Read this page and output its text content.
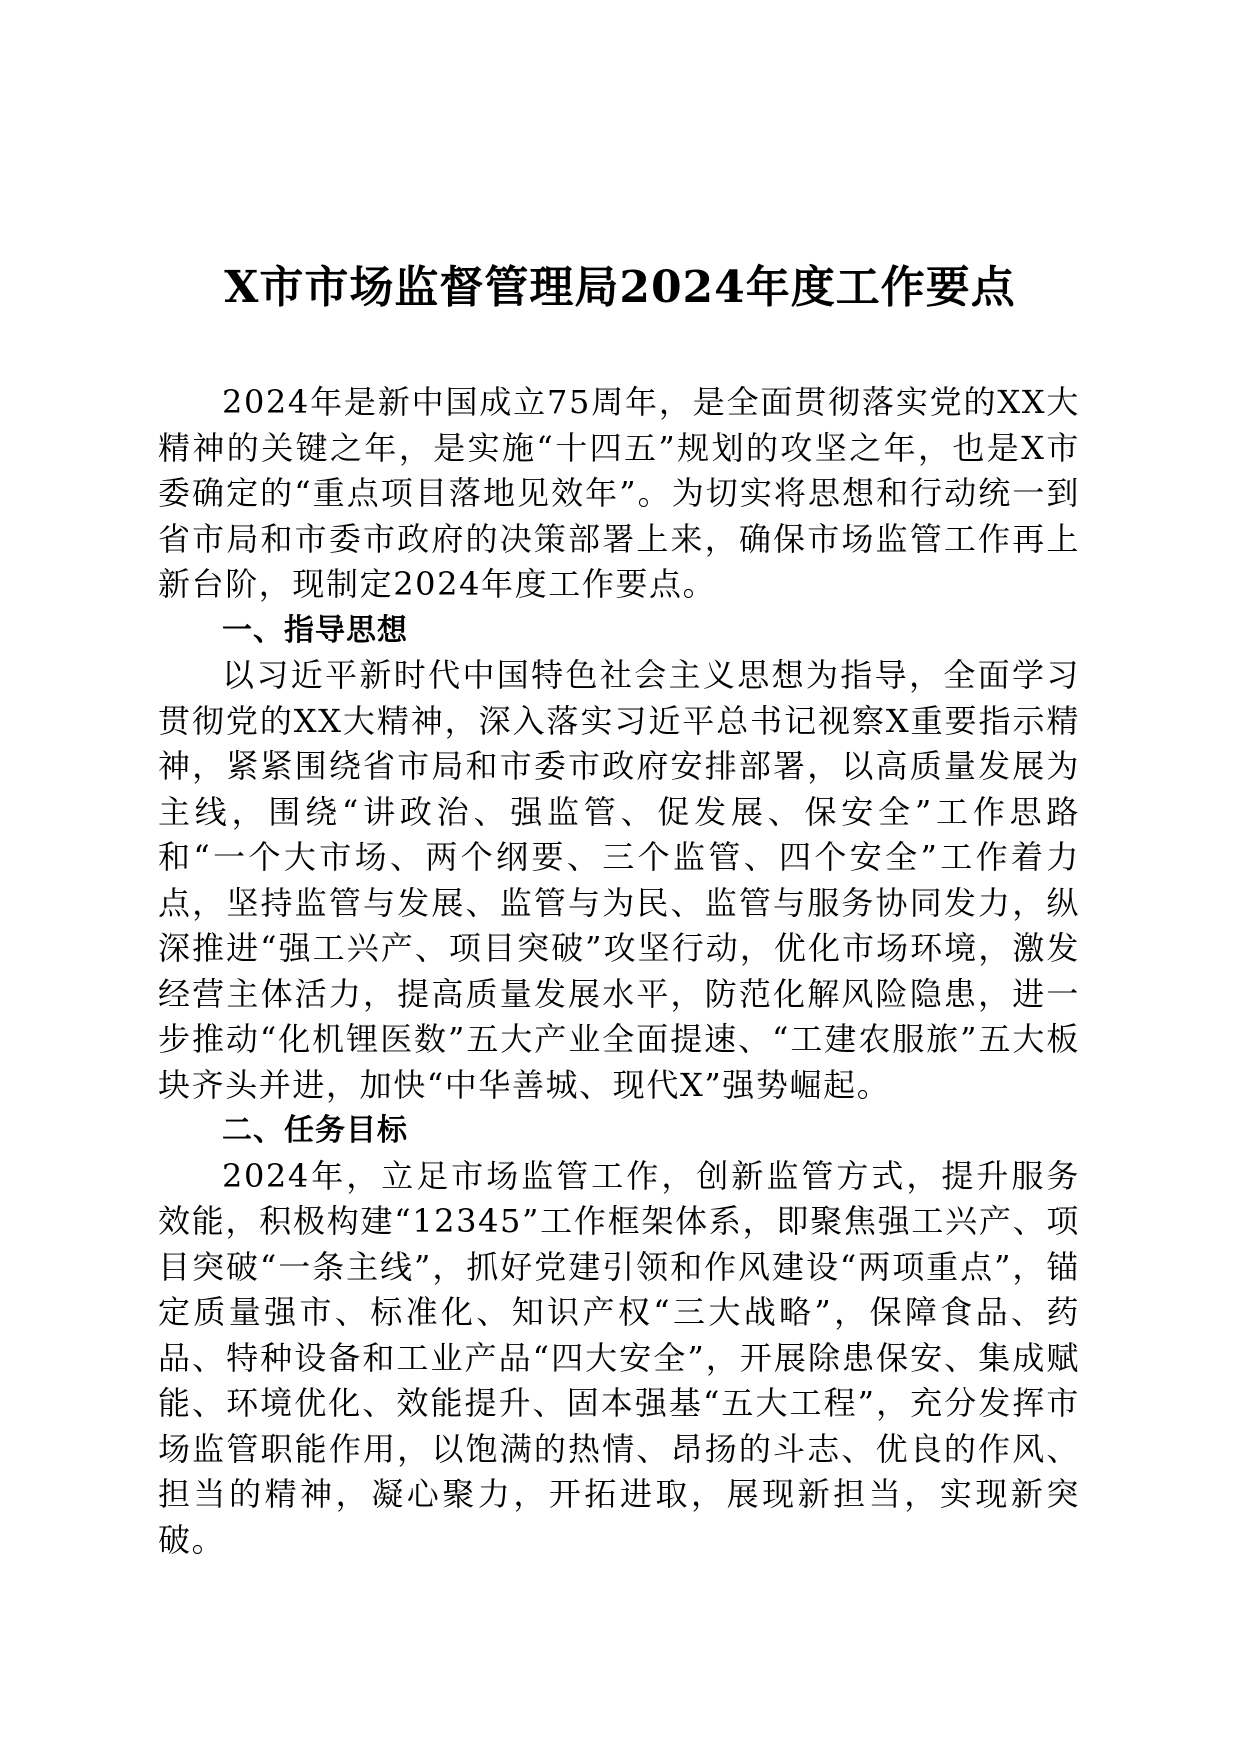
X市市场监督管理局2024年度工作要点

2024年是新中国成立75周年，是全面贯彻落实党的XX大精神的关键之年，是实施“十四五”规划的攻坚之年，也是X市委确定的“重点项目落地见效年”。为切实将思想和行动统一到省市局和市委市政府的决策部署上来，确保市场监管工作再上新台阶，现制定2024年度工作要点。

一、指导思想

以习近平新时代中国特色社会主义思想为指导，全面学习贯彻党的XX大精神，深入落实习近平总书记视察X重要指示精神，紧紧围绕省市局和市委市政府安排部署，以高质量发展为主线，围绕“讲政治、强监管、促发展、保安全”工作思路和“一个大市场、两个纲要、三个监管、四个安全”工作着力点，坚持监管与发展、监管与为民、监管与服务协同发力，纵深推进“强工兴产、项目突破”攻坚行动，优化市场环境，激发经营主体活力，提高质量发展水平，防范化解风险隐患，进一步推动“化机锂医数”五大产业全面提速、“工建农服旅”五大板块齐头并进，加快“中华善城、现代X”强势崛起。

二、任务目标

2024年，立足市场监管工作，创新监管方式，提升服务效能，积极构建“12345”工作框架体系，即聚焦强工兴产、项目突破“一条主线”，抓好党建引领和作风建设“两项重点”，锚定质量强市、标准化、知识产权“三大战略”，保障食品、药品、特种设备和工业产品“四大安全”，开展除患保安、集成赋能、环境优化、效能提升、固本强基“五大工程”，充分发挥市场监管职能作用，以饱满的热情、昂扬的斗志、优良的作风、担当的精神，凝心聚力，开拓进取，展现新担当，实现新突破。
